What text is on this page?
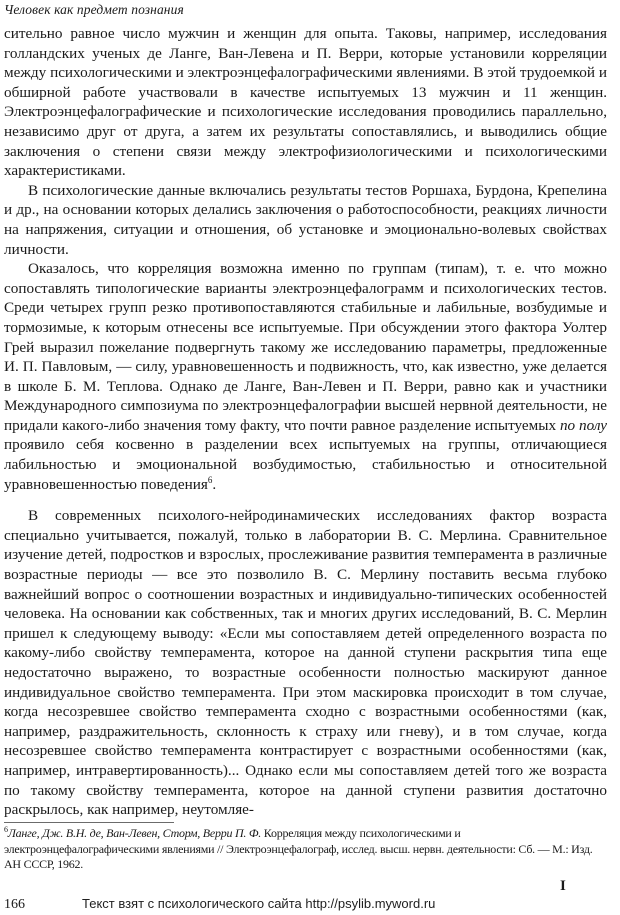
Человек как предмет познания

сительно равное число мужчин и женщин для опыта. Таковы, например, исследования голландских ученых де Ланге, Ван-Левена и П. Верри, которые установили корреляции между психологическими и электроэнцефалографическими явлениями. В этой трудоемкой и обширной работе участвовали в качестве испытуемых 13 мужчин и 11 женщин. Электроэнцефалографические и психологические исследования проводились параллельно, независимо друг от друга, а затем их результаты сопоставлялись, и выводились общие заключения о степени связи между электрофизиологическими и психологическими характеристиками.

В психологические данные включались результаты тестов Роршаха, Бурдона, Крепелина и др., на основании которых делались заключения о работоспособности, реакциях личности на напряжения, ситуации и отношения, об установке и эмоционально-волевых свойствах личности.

Оказалось, что корреляция возможна именно по группам (типам), т. е. что можно сопоставлять типологические варианты электроэнцефалограмм и психологических тестов. Среди четырех групп резко противопоставляются стабильные и лабильные, возбудимые и тормозимые, к которым отнесены все испытуемые. При обсуждении этого фактора Уолтер Грей выразил пожелание подвергнуть такому же исследованию параметры, предложенные И. П. Павловым, — силу, уравновешенность и подвижность, что, как известно, уже делается в школе Б. М. Теплова. Однако де Ланге, Ван-Левен и П. Верри, равно как и участники Международного симпозиума по электроэнцефалографии высшей нервной деятельности, не придали какого-либо значения тому факту, что почти равное разделение испытуемых по полу проявило себя косвенно в разделении всех испытуемых на группы, отличающиеся лабильностью и эмоциональной возбудимостью, стабильностью и относительной уравновешенностью поведения$^6$.

В современных психолого-нейродинамических исследованиях фактор возраста специально учитывается, пожалуй, только в лаборатории В. С. Мерлина. Сравнительное изучение детей, подростков и взрослых, прослеживание развития темперамента в различные возрастные периоды — все это позволило В. С. Мерлину поставить весьма глубоко важнейший вопрос о соотношении возрастных и индивидуально-типических особенностей человека. На основании как собственных, так и многих других исследований, В. С. Мерлин пришел к следующему выводу: «Если мы сопоставляем детей определенного возраста по какому-либо свойству темперамента, которое на данной ступени раскрытия типа еще недостаточно выражено, то возрастные особенности полностью маскируют данное индивидуальное свойство темперамента. При этом маскировка происходит в том случае, когда несозревшее свойство темперамента сходно с возрастными особенностями (как, например, раздражительность, склонность к страху или гневу), и в том случае, когда несозревшее свойство темперамента контрастирует с возрастными особенностями (как, например, интравертированность)... Однако если мы сопоставляем детей того же возраста по такому свойству темперамента, которое на данной ступени развития достаточно раскрылось, как например, неутомляе-

$^6$Ланге, Дж. В.Н. де, Ван-Левен, Сторм, Верри П. Ф. Корреляция между психологическими и электроэнцефалографическими явлениями // Электроэнцефалограф, исслед. высш. нервн. деятельности: Сб. — М.: Изд. АН СССР, 1962.
166	Текст взят с психологического сайта http://psylib.myword.ru
I
